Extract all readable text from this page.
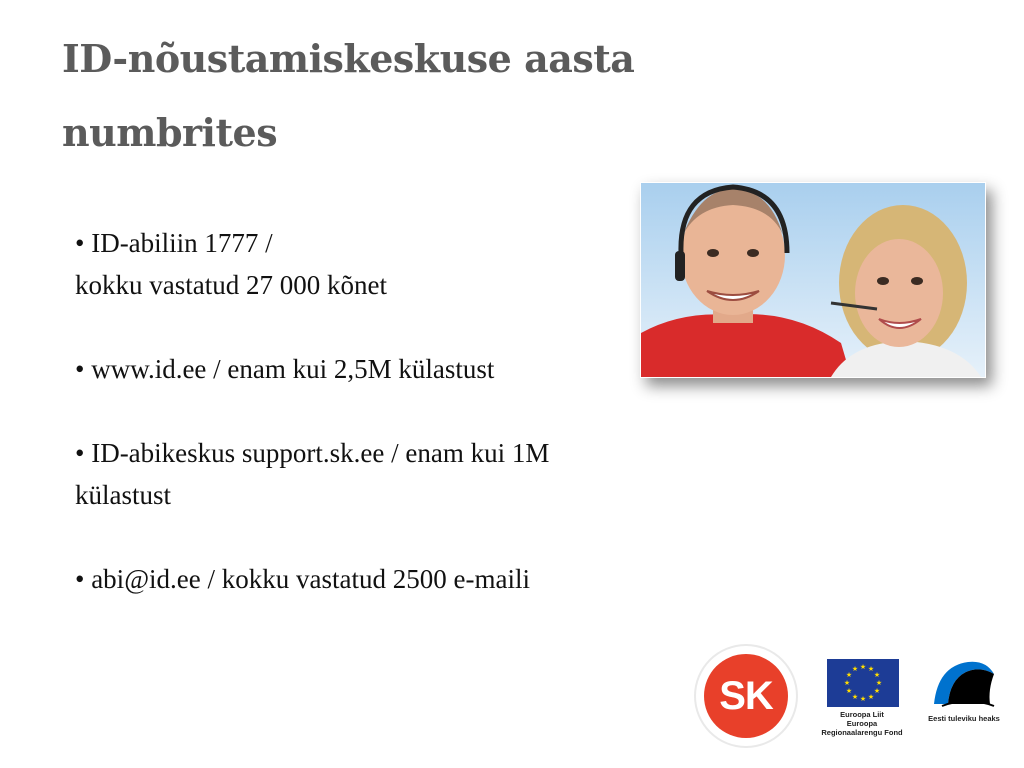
ID-nõustamiskeskuse aasta
numbrites
• ID-abiliin 1777 /
kokku vastatud 27 000 kõnet
• www.id.ee / enam kui 2,5M külastust
• ID-abikeskus support.sk.ee / enam kui 1M
külastust
• abi@id.ee / kokku vastatud 2500 e-maili
SK
★ ★
★
★
★
★
★
★
★
★
★
★
Euroopa Liit
Euroopa
Regionaalarengu Fond
Eesti tuleviku heaks
